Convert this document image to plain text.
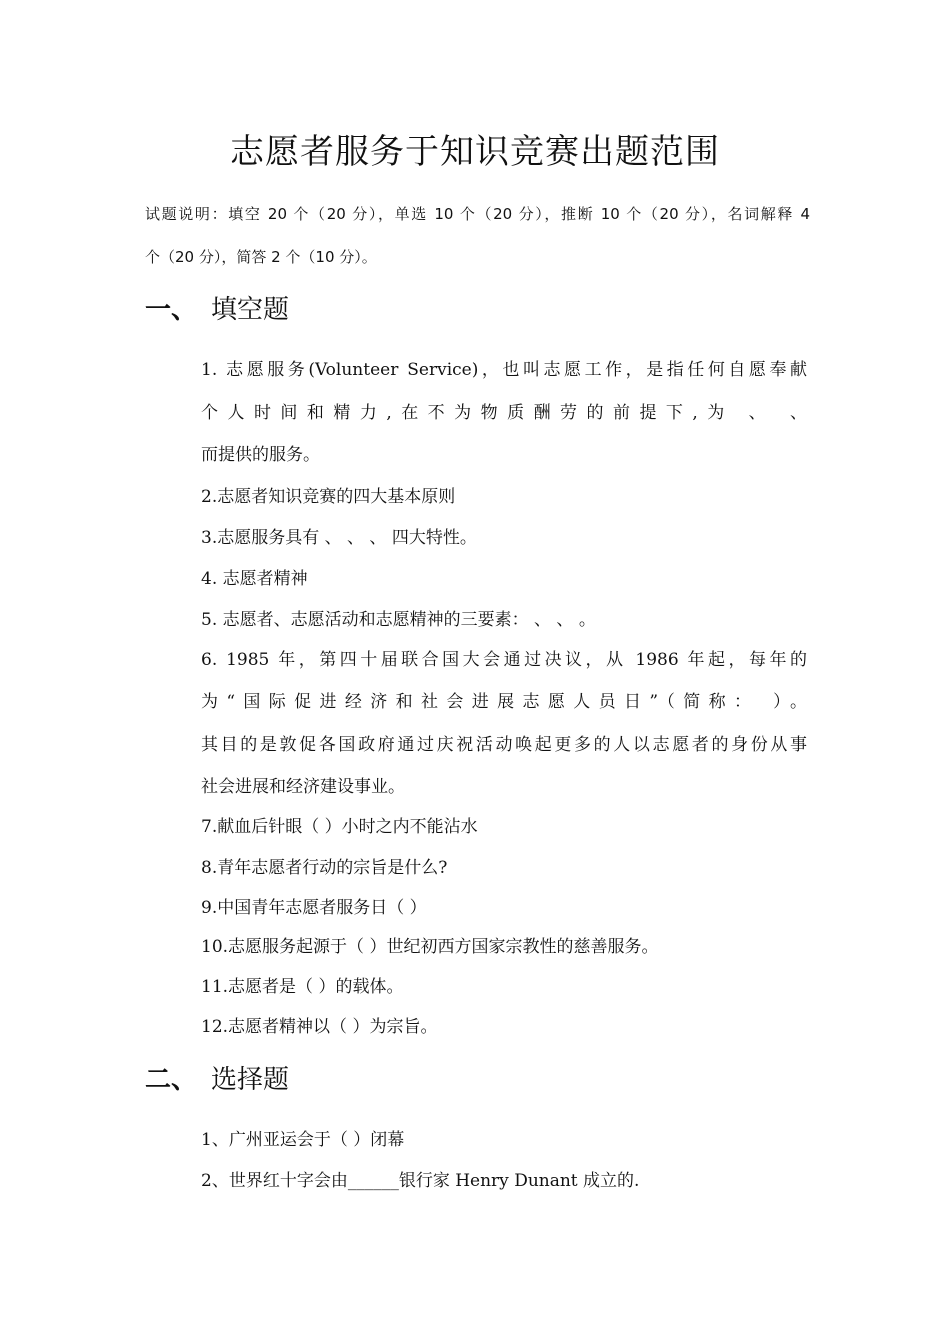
志愿者服务于知识竞赛出题范围
试题说明：填空 20 个（20 分），单选 10 个（20 分），推断 10 个（20 分），名词解释 4
个（20 分），简答 2 个（10 分）。
一、 填空题
1. 志愿服务(Volunteer Service)，也叫志愿工作，是指任何自愿奉献
个人时间和精力,在不为物质酬劳的前提下,为 、 、
而提供的服务。
2.志愿者知识竞赛的四大基本原则
3.志愿服务具有 、 、 、 四大特性。
4. 志愿者精神
5. 志愿者、志愿活动和志愿精神的三要素： 、 、 。
6. 1985 年，第四十届联合国大会通过决议，从 1986 年起，每年的
为“国际促进经济和社会进展志愿人员日”（简称： ）。
其目的是敦促各国政府通过庆祝活动唤起更多的人以志愿者的身份从事
社会进展和经济建设事业。
7.献血后针眼（ ）小时之内不能沾水
8.青年志愿者行动的宗旨是什么?
9.中国青年志愿者服务日（ ）
10.志愿服务起源于（ ）世纪初西方国家宗教性的慈善服务。
11.志愿者是（ ）的载体。
12.志愿者精神以（ ）为宗旨。
二、 选择题
1、广州亚运会于（ ）闭幕
2、世界红十字会由______银行家 Henry Dunant 成立的.
